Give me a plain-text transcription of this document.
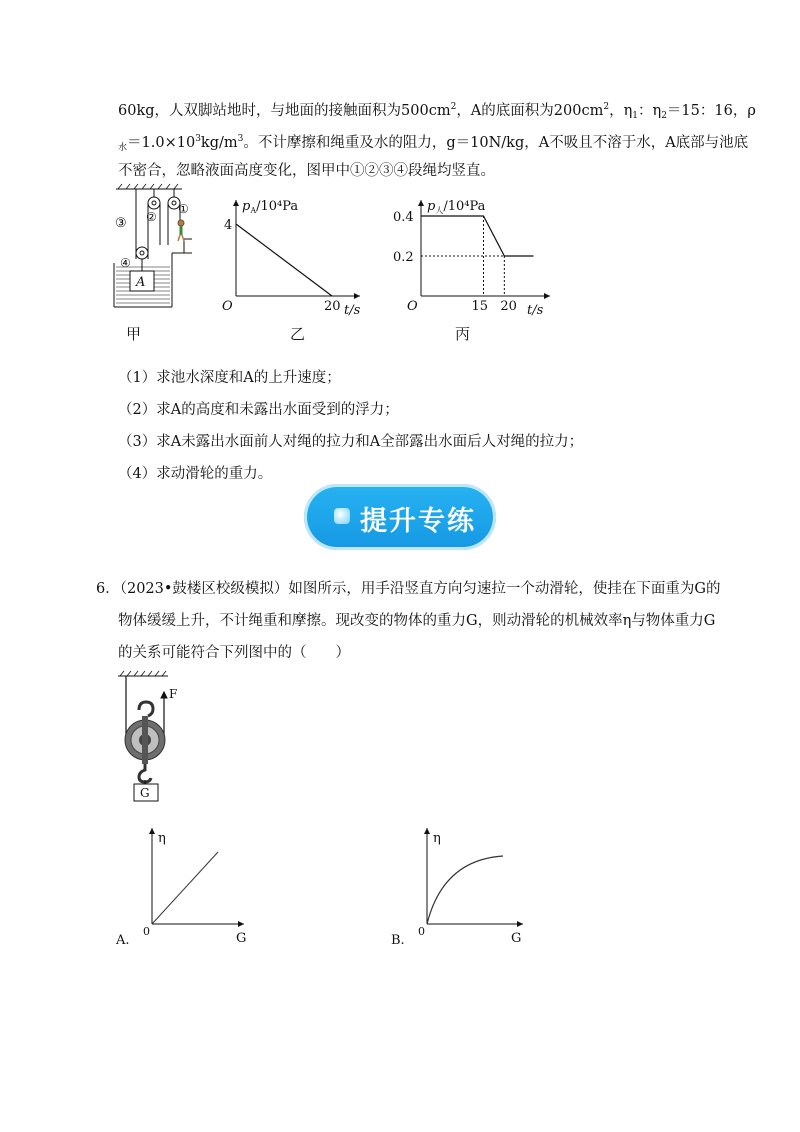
60kg，人双脚站地时，与地面的接触面积为$500cm^2$，A的底面积为$200cm^2$，$\eta_1$：$\eta_2=15$：16，ρ
$_水=1.0\times 10^3kg/m^3$。不计摩擦和绳重及水的阻力，g＝10N/kg，A不吸且不溶于水，A底部与池底
不密合，忽略液面高度变化，图甲中①②③④段绳均竖直。
③ ②
①
④
A
甲
$p_A/10^4Pa$
t/s
O	20
4
乙
$p_人/10^4Pa$
t/s
O	15 20
0.4
0.2
丙
（1）求池水深度和A的上升速度；
（2）求A的高度和未露出水面受到的浮力；
（3）求A未露出水面前人对绳的拉力和A全部露出水面后人对绳的拉力；
（4）求动滑轮的重力。
提升专练
6．（2023•鼓楼区校级模拟）如图所示，用手沿竖直方向匀速拉一个动滑轮，使挂在下面重为G的
物体缓缓上升，不计绳重和摩擦。现改变的物体的重力G，则动滑轮的机械效率η与物体重力G
的关系可能符合下列图中的（　　）
G
F
η
G
0
A.
η
G
0
B.
